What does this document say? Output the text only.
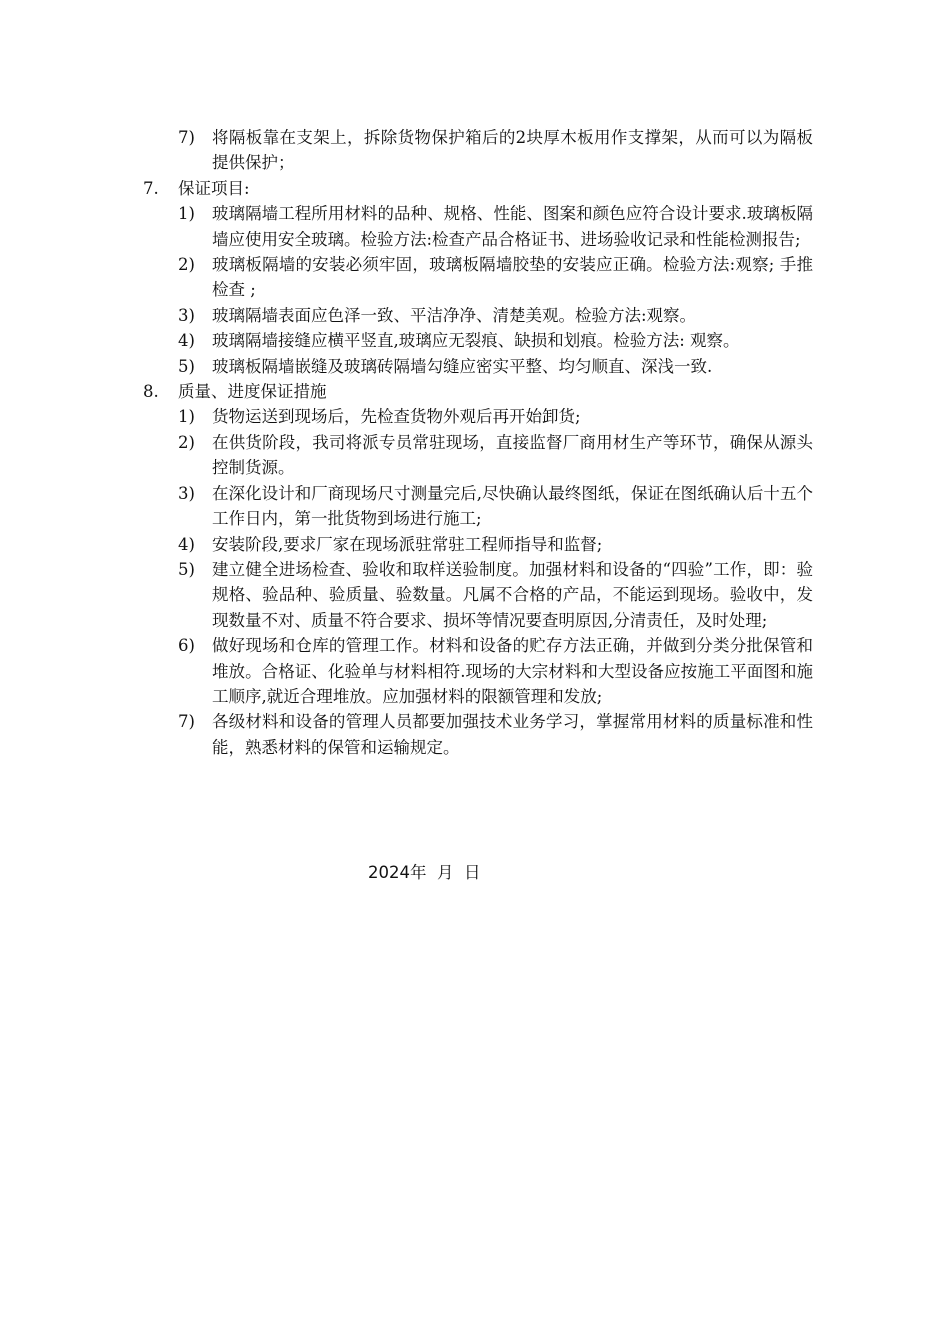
7)	将隔板靠在支架上，拆除货物保护箱后的2块厚木板用作支撑架，从而可以为隔板提供保护；
7.	保证项目:
1)	玻璃隔墙工程所用材料的品种、规格、性能、图案和颜色应符合设计要求.玻璃板隔墙应使用安全玻璃。检验方法:检查产品合格证书、进场验收记录和性能检测报告;
2)	玻璃板隔墙的安装必须牢固，玻璃板隔墙胶垫的安装应正确。检验方法:观察; 手推检查 ;
3)	玻璃隔墙表面应色泽一致、平洁净净、清楚美观。检验方法:观察。
4)	玻璃隔墙接缝应横平竖直,玻璃应无裂痕、缺损和划痕。检验方法: 观察。
5)	玻璃板隔墙嵌缝及玻璃砖隔墙勾缝应密实平整、均匀顺直、深浅一致.
8.	质量、进度保证措施
1)	货物运送到现场后，先检查货物外观后再开始卸货;
2)	在供货阶段，我司将派专员常驻现场，直接监督厂商用材生产等环节，确保从源头控制货源。
3)	在深化设计和厂商现场尺寸测量完后,尽快确认最终图纸，保证在图纸确认后十五个工作日内，第一批货物到场进行施工;
4)	安装阶段,要求厂家在现场派驻常驻工程师指导和监督;
5)	建立健全进场检查、验收和取样送验制度。加强材料和设备的“四验”工作，即：验规格、验品种、验质量、验数量。凡属不合格的产品，不能运到现场。验收中，发现数量不对、质量不符合要求、损坏等情况要查明原因,分清责任，及时处理;
6)	做好现场和仓库的管理工作。材料和设备的贮存方法正确，并做到分类分批保管和堆放。合格证、化验单与材料相符.现场的大宗材料和大型设备应按施工平面图和施工顺序,就近合理堆放。应加强材料的限额管理和发放;
7)	各级材料和设备的管理人员都要加强技术业务学习，掌握常用材料的质量标准和性能，熟悉材料的保管和运输规定。
2024年  月  日
